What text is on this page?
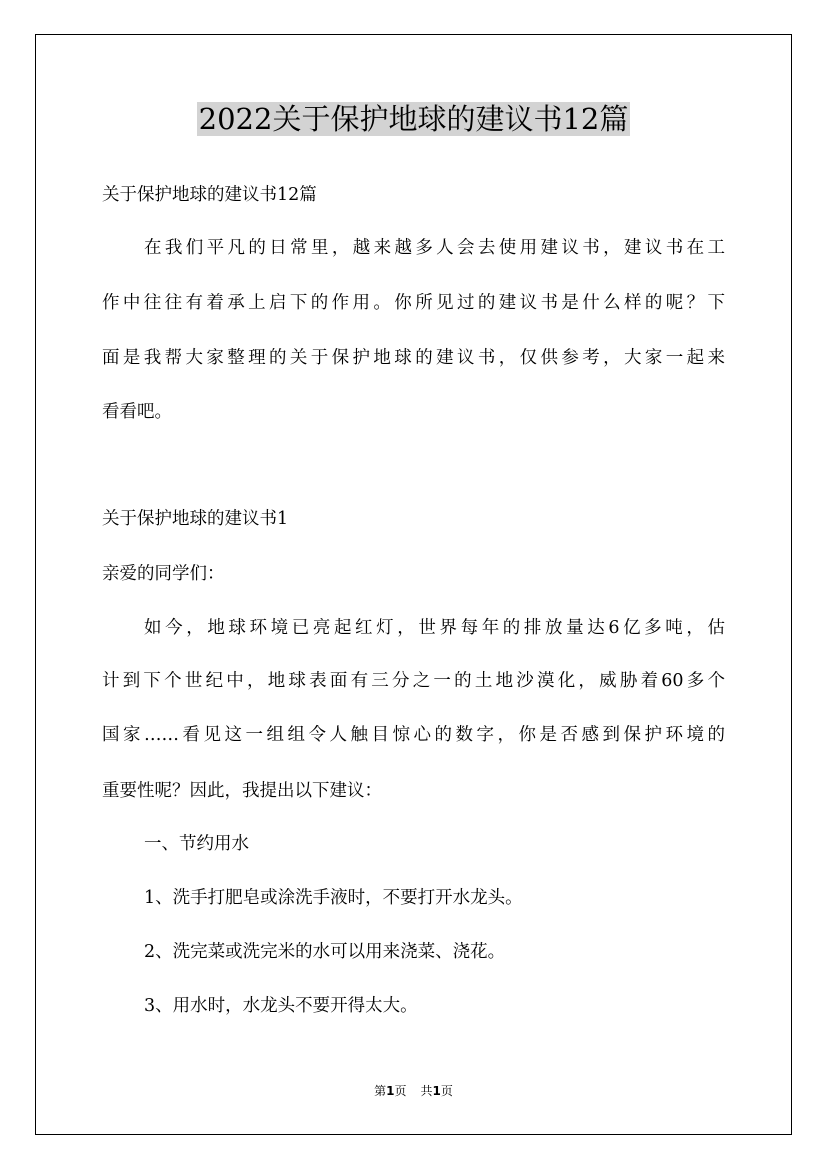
2022关于保护地球的建议书12篇
关于保护地球的建议书12篇
在我们平凡的日常里，越来越多人会去使用建议书，建议书在工
作中往往有着承上启下的作用。你所见过的建议书是什么样的呢？下
面是我帮大家整理的关于保护地球的建议书，仅供参考，大家一起来
看看吧。
关于保护地球的建议书1
亲爱的同学们：
如今，地球环境已亮起红灯，世界每年的排放量达6亿多吨，估
计到下个世纪中，地球表面有三分之一的土地沙漠化，威胁着60多个
国家……看见这一组组令人触目惊心的数字，你是否感到保护环境的
重要性呢？因此，我提出以下建议：
一、节约用水
1、洗手打肥皂或涂洗手液时，不要打开水龙头。
2、洗完菜或洗完米的水可以用来浇菜、浇花。
3、用水时，水龙头不要开得太大。
第1页 共1页
